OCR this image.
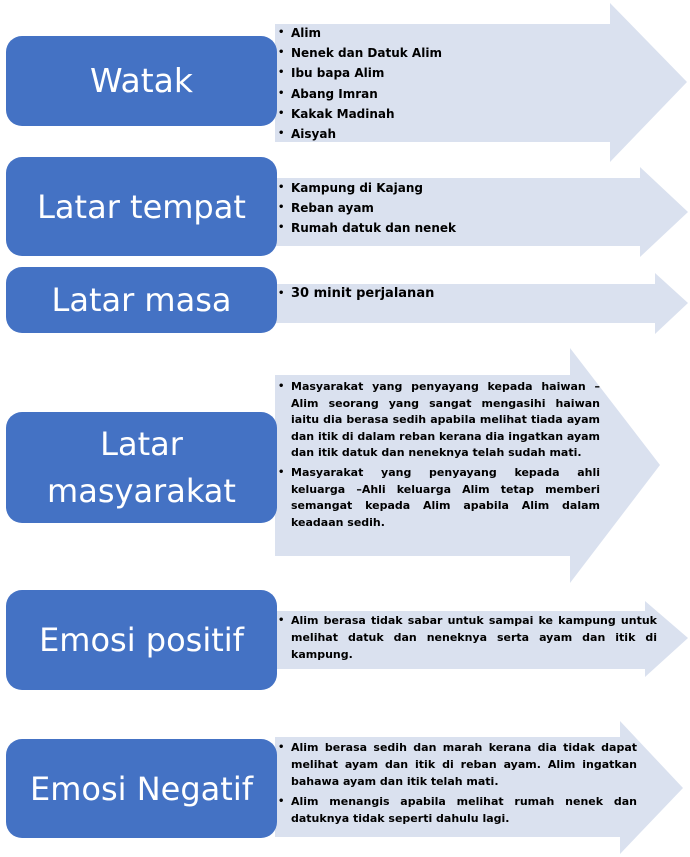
Watak
• Alim
• Nenek dan Datuk Alim
• Ibu bapa Alim
• Abang Imran
• Kakak Madinah
• Aisyah
Latar tempat	• Kampung di Kajang
• Reban ayam
• Rumah datuk dan nenek
Latar masa	• 30 minit perjalanan
Latar
masyarakat
• Masyarakat yang penyayang kepada haiwan – Alim seorang yang sangat mengasihi haiwan iaitu dia berasa sedih apabila melihat tiada ayam dan itik di dalam reban kerana dia ingatkan ayam dan itik datuk dan neneknya telah sudah mati.
• Masyarakat yang penyayang kepada ahli keluarga –Ahli keluarga Alim tetap memberi semangat kepada Alim apabila Alim dalam keadaan sedih.
Emosi positif
• Alim berasa tidak sabar untuk sampai ke kampung untuk melihat datuk dan neneknya serta ayam dan itik di kampung.
Emosi Negatif
• Alim berasa sedih dan marah kerana dia tidak dapat melihat ayam dan itik di reban ayam. Alim ingatkan bahawa ayam dan itik telah mati.
• Alim menangis apabila melihat rumah nenek dan datuknya tidak seperti dahulu lagi.
